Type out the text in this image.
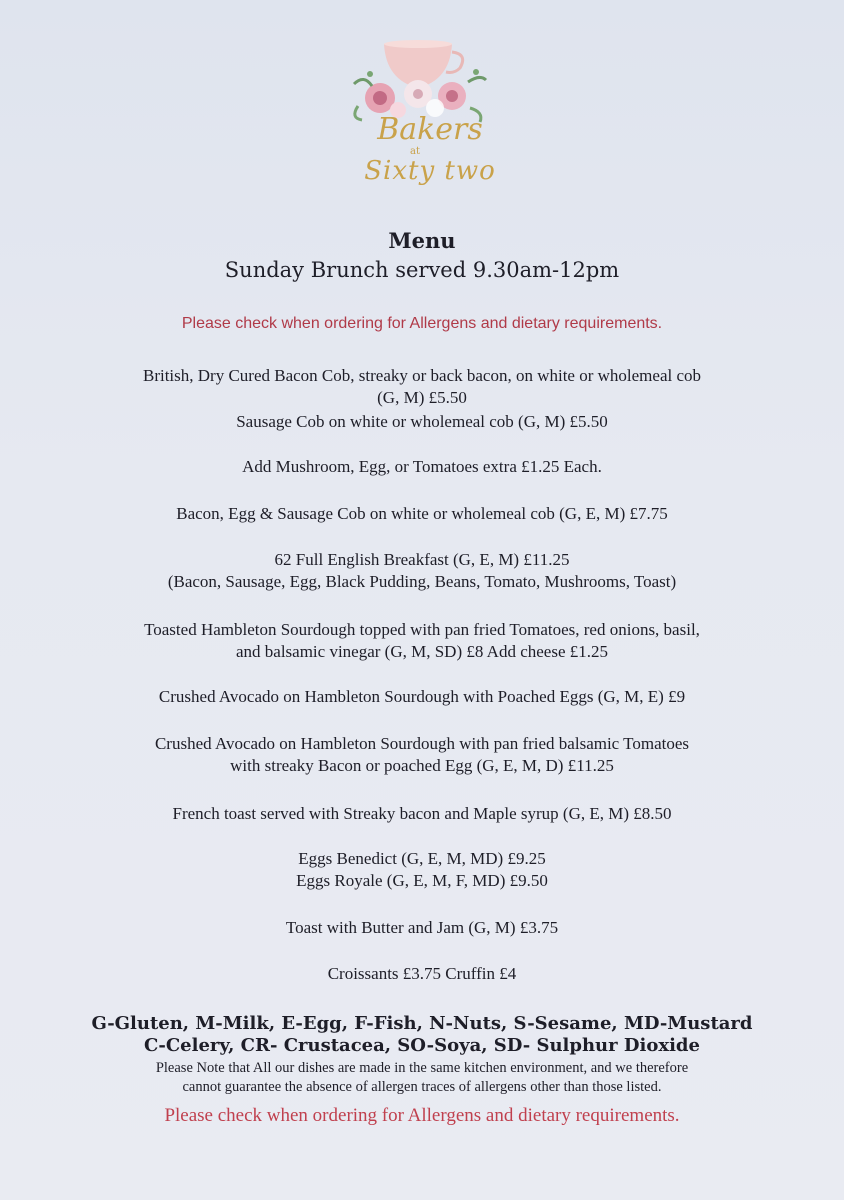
Bakers
at
Sixty two
Menu
Sunday Brunch served 9.30am-12pm
Please check when ordering for Allergens and dietary requirements.
British, Dry Cured Bacon Cob, streaky or back bacon, on white or wholemeal cob
(G, M) £5.50
Sausage Cob on white or wholemeal cob (G, M) £5.50
Add Mushroom, Egg, or Tomatoes extra £1.25 Each.
Bacon, Egg & Sausage Cob on white or wholemeal cob (G, E, M) £7.75
62 Full English Breakfast (G, E, M) £11.25
(Bacon, Sausage, Egg, Black Pudding, Beans, Tomato, Mushrooms, Toast)
Toasted Hambleton Sourdough topped with pan fried Tomatoes, red onions, basil,
and balsamic vinegar (G, M, SD) £8 Add cheese £1.25
Crushed Avocado on Hambleton Sourdough with Poached Eggs (G, M, E) £9
Crushed Avocado on Hambleton Sourdough with pan fried balsamic Tomatoes
with streaky Bacon or poached Egg (G, E, M, D) £11.25
French toast served with Streaky bacon and Maple syrup (G, E, M) £8.50
Eggs Benedict (G, E, M, MD) £9.25
Eggs Royale (G, E, M, F, MD) £9.50
Toast with Butter and Jam (G, M) £3.75
Croissants £3.75 Cruffin £4
G-Gluten, M-Milk, E-Egg, F-Fish, N-Nuts, S-Sesame, MD-Mustard
C-Celery, CR- Crustacea, SO-Soya, SD- Sulphur Dioxide
Please Note that All our dishes are made in the same kitchen environment, and we therefore
cannot guarantee the absence of allergen traces of allergens other than those listed.
Please check when ordering for Allergens and dietary requirements.
